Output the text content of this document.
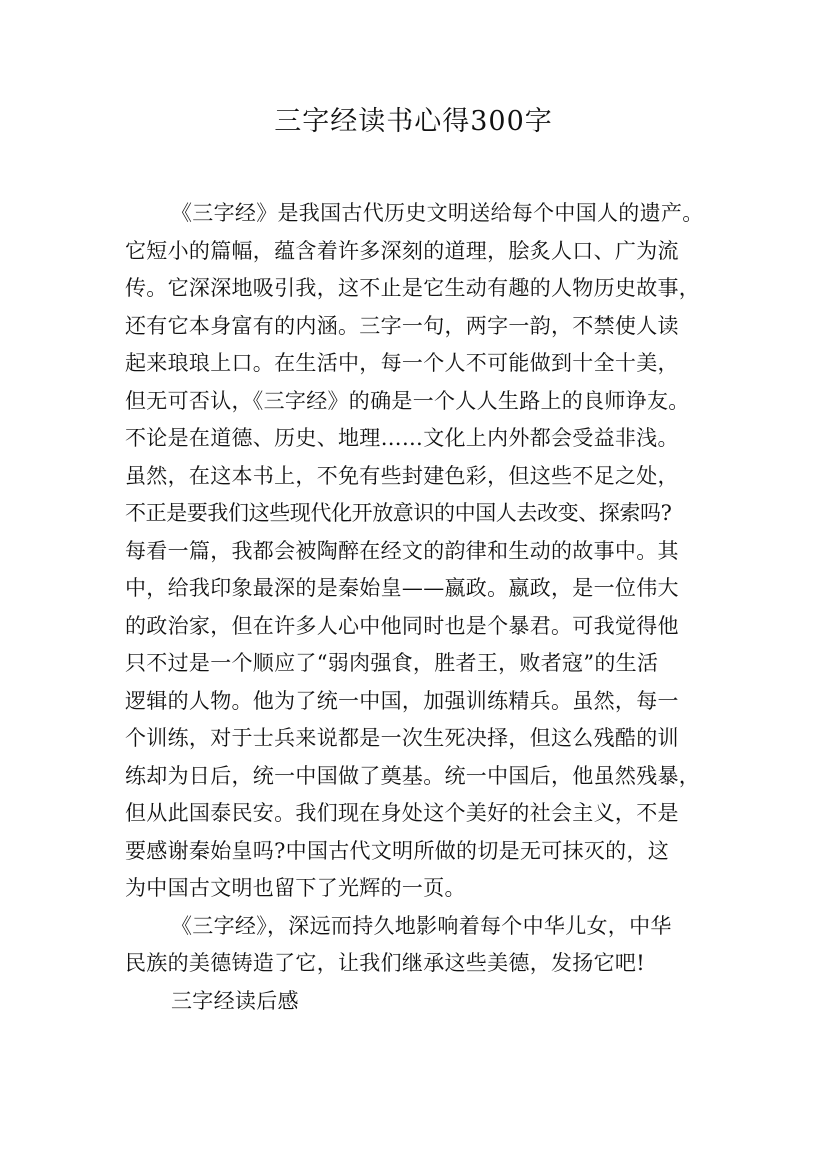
三字经读书心得300字
《三字经》是我国古代历史文明送给每个中国人的遗产。
它短小的篇幅，蕴含着许多深刻的道理，脍炙人口、广为流
传。它深深地吸引我，这不止是它生动有趣的人物历史故事，
还有它本身富有的内涵。三字一句，两字一韵，不禁使人读
起来琅琅上口。在生活中，每一个人不可能做到十全十美，
但无可否认，《三字经》的确是一个人人生路上的良师诤友。
不论是在道德、历史、地理……文化上内外都会受益非浅。
虽然，在这本书上，不免有些封建色彩，但这些不足之处，
不正是要我们这些现代化开放意识的中国人去改变、探索吗?
每看一篇，我都会被陶醉在经文的韵律和生动的故事中。其
中，给我印象最深的是秦始皇——嬴政。嬴政，是一位伟大
的政治家，但在许多人心中他同时也是个暴君。可我觉得他
只不过是一个顺应了“弱肉强食，胜者王，败者寇”的生活
逻辑的人物。他为了统一中国，加强训练精兵。虽然，每一
个训练，对于士兵来说都是一次生死决择，但这么残酷的训
练却为日后，统一中国做了奠基。统一中国后，他虽然残暴，
但从此国泰民安。我们现在身处这个美好的社会主义，不是
要感谢秦始皇吗?中国古代文明所做的切是无可抹灭的，这
为中国古文明也留下了光辉的一页。
《三字经》，深远而持久地影响着每个中华儿女，中华
民族的美德铸造了它，让我们继承这些美德，发扬它吧!
三字经读后感
